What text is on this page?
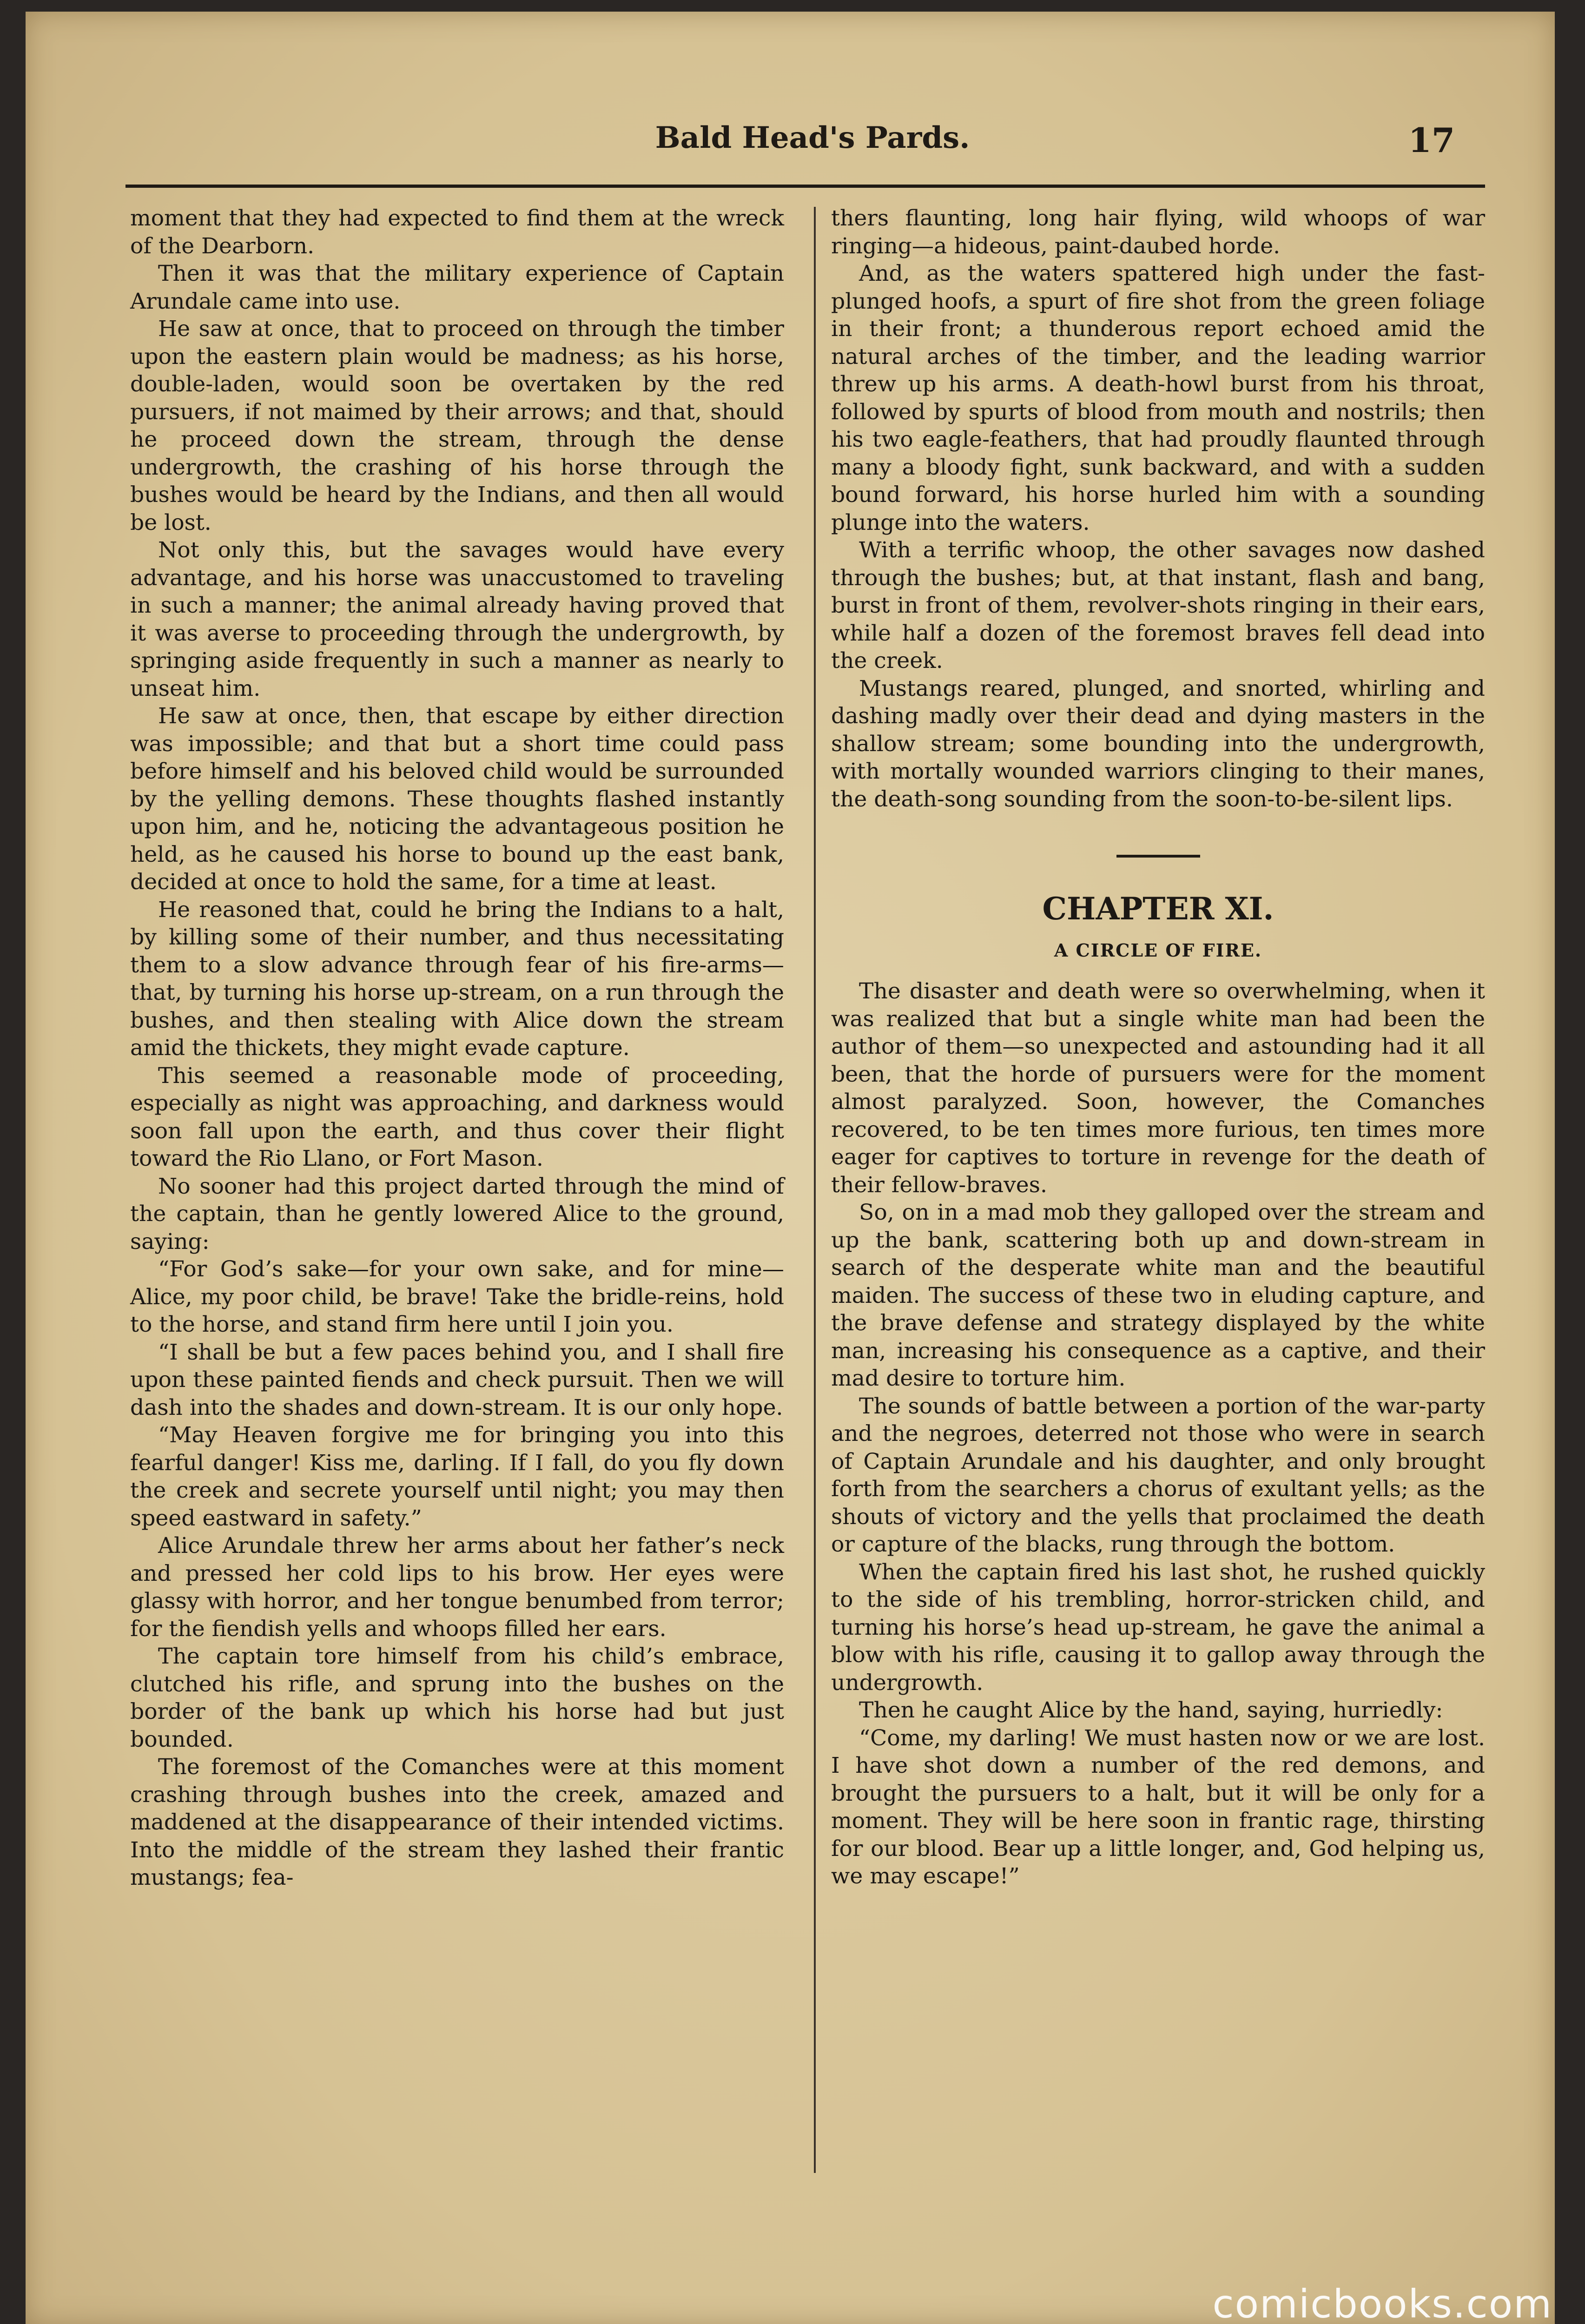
Bald Head's Pards.	17

moment that they had expected to find them at the wreck of the Dearborn.

Then it was that the military experience of Captain Arundale came into use.

He saw at once, that to proceed on through the timber upon the eastern plain would be madness; as his horse, double-laden, would soon be overtaken by the red pursuers, if not maimed by their arrows; and that, should he proceed down the stream, through the dense undergrowth, the crashing of his horse through the bushes would be heard by the Indians, and then all would be lost.

Not only this, but the savages would have every advantage, and his horse was unaccustomed to traveling in such a manner; the animal already having proved that it was averse to proceeding through the undergrowth, by springing aside frequently in such a manner as nearly to unseat him.

He saw at once, then, that escape by either direction was impossible; and that but a short time could pass before himself and his beloved child would be surrounded by the yelling demons. These thoughts flashed instantly upon him, and he, noticing the advantageous position he held, as he caused his horse to bound up the east bank, decided at once to hold the same, for a time at least.

He reasoned that, could he bring the Indians to a halt, by killing some of their number, and thus necessitating them to a slow advance through fear of his fire-arms—that, by turning his horse up-stream, on a run through the bushes, and then stealing with Alice down the stream amid the thickets, they might evade capture.

This seemed a reasonable mode of proceeding, especially as night was approaching, and darkness would soon fall upon the earth, and thus cover their flight toward the Rio Llano, or Fort Mason.

No sooner had this project darted through the mind of the captain, than he gently lowered Alice to the ground, saying:

“For God’s sake—for your own sake, and for mine—Alice, my poor child, be brave! Take the bridle-reins, hold to the horse, and stand firm here until I join you.

“I shall be but a few paces behind you, and I shall fire upon these painted fiends and check pursuit. Then we will dash into the shades and down-stream. It is our only hope.

“May Heaven forgive me for bringing you into this fearful danger! Kiss me, darling. If I fall, do you fly down the creek and secrete yourself until night; you may then speed eastward in safety.”

Alice Arundale threw her arms about her father’s neck and pressed her cold lips to his brow. Her eyes were glassy with horror, and her tongue benumbed from terror; for the fiendish yells and whoops filled her ears.

The captain tore himself from his child’s embrace, clutched his rifle, and sprung into the bushes on the border of the bank up which his horse had but just bounded.

The foremost of the Comanches were at this moment crashing through bushes into the creek, amazed and maddened at the disappearance of their intended victims. Into the middle of the stream they lashed their frantic mustangs; fea-

thers flaunting, long hair flying, wild whoops of war ringing—a hideous, paint-daubed horde.

And, as the waters spattered high under the fast-plunged hoofs, a spurt of fire shot from the green foliage in their front; a thunderous report echoed amid the natural arches of the timber, and the leading warrior threw up his arms. A death-howl burst from his throat, followed by spurts of blood from mouth and nostrils; then his two eagle-feathers, that had proudly flaunted through many a bloody fight, sunk backward, and with a sudden bound forward, his horse hurled him with a sounding plunge into the waters.

With a terrific whoop, the other savages now dashed through the bushes; but, at that instant, flash and bang, burst in front of them, revolver-shots ringing in their ears, while half a dozen of the foremost braves fell dead into the creek.

Mustangs reared, plunged, and snorted, whirling and dashing madly over their dead and dying masters in the shallow stream; some bounding into the undergrowth, with mortally wounded warriors clinging to their manes, the death-song sounding from the soon-to-be-silent lips.

CHAPTER XI.
A CIRCLE OF FIRE.

The disaster and death were so overwhelming, when it was realized that but a single white man had been the author of them—so unexpected and astounding had it all been, that the horde of pursuers were for the moment almost paralyzed. Soon, however, the Comanches recovered, to be ten times more furious, ten times more eager for captives to torture in revenge for the death of their fellow-braves.

So, on in a mad mob they galloped over the stream and up the bank, scattering both up and down-stream in search of the desperate white man and the beautiful maiden. The success of these two in eluding capture, and the brave defense and strategy displayed by the white man, increasing his consequence as a captive, and their mad desire to torture him.

The sounds of battle between a portion of the war-party and the negroes, deterred not those who were in search of Captain Arundale and his daughter, and only brought forth from the searchers a chorus of exultant yells; as the shouts of victory and the yells that proclaimed the death or capture of the blacks, rung through the bottom.

When the captain fired his last shot, he rushed quickly to the side of his trembling, horror-stricken child, and turning his horse’s head up-stream, he gave the animal a blow with his rifle, causing it to gallop away through the undergrowth.

Then he caught Alice by the hand, saying, hurriedly:

“Come, my darling! We must hasten now or we are lost. I have shot down a number of the red demons, and brought the pursuers to a halt, but it will be only for a moment. They will be here soon in frantic rage, thirsting for our blood. Bear up a little longer, and, God helping us, we may escape!”

comicbooks.com
